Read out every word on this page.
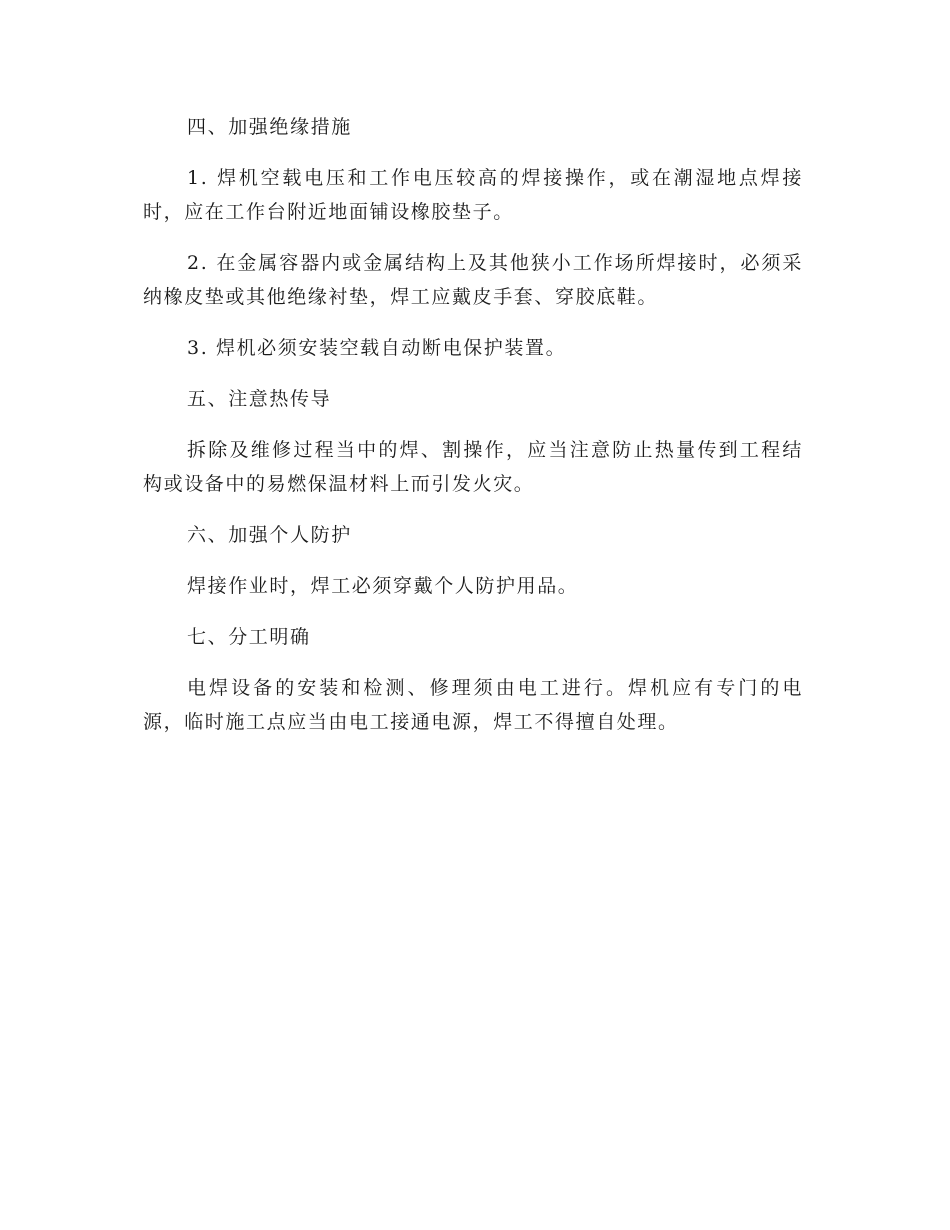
四、加强绝缘措施

1. 焊机空载电压和工作电压较高的焊接操作，或在潮湿地点焊接时，应在工作台附近地面铺设橡胶垫子。

2. 在金属容器内或金属结构上及其他狭小工作场所焊接时，必须采纳橡皮垫或其他绝缘衬垫，焊工应戴皮手套、穿胶底鞋。

3. 焊机必须安装空载自动断电保护装置。

五、注意热传导

拆除及维修过程当中的焊、割操作，应当注意防止热量传到工程结构或设备中的易燃保温材料上而引发火灾。

六、加强个人防护

焊接作业时，焊工必须穿戴个人防护用品。

七、分工明确

电焊设备的安装和检测、修理须由电工进行。焊机应有专门的电源，临时施工点应当由电工接通电源，焊工不得擅自处理。
